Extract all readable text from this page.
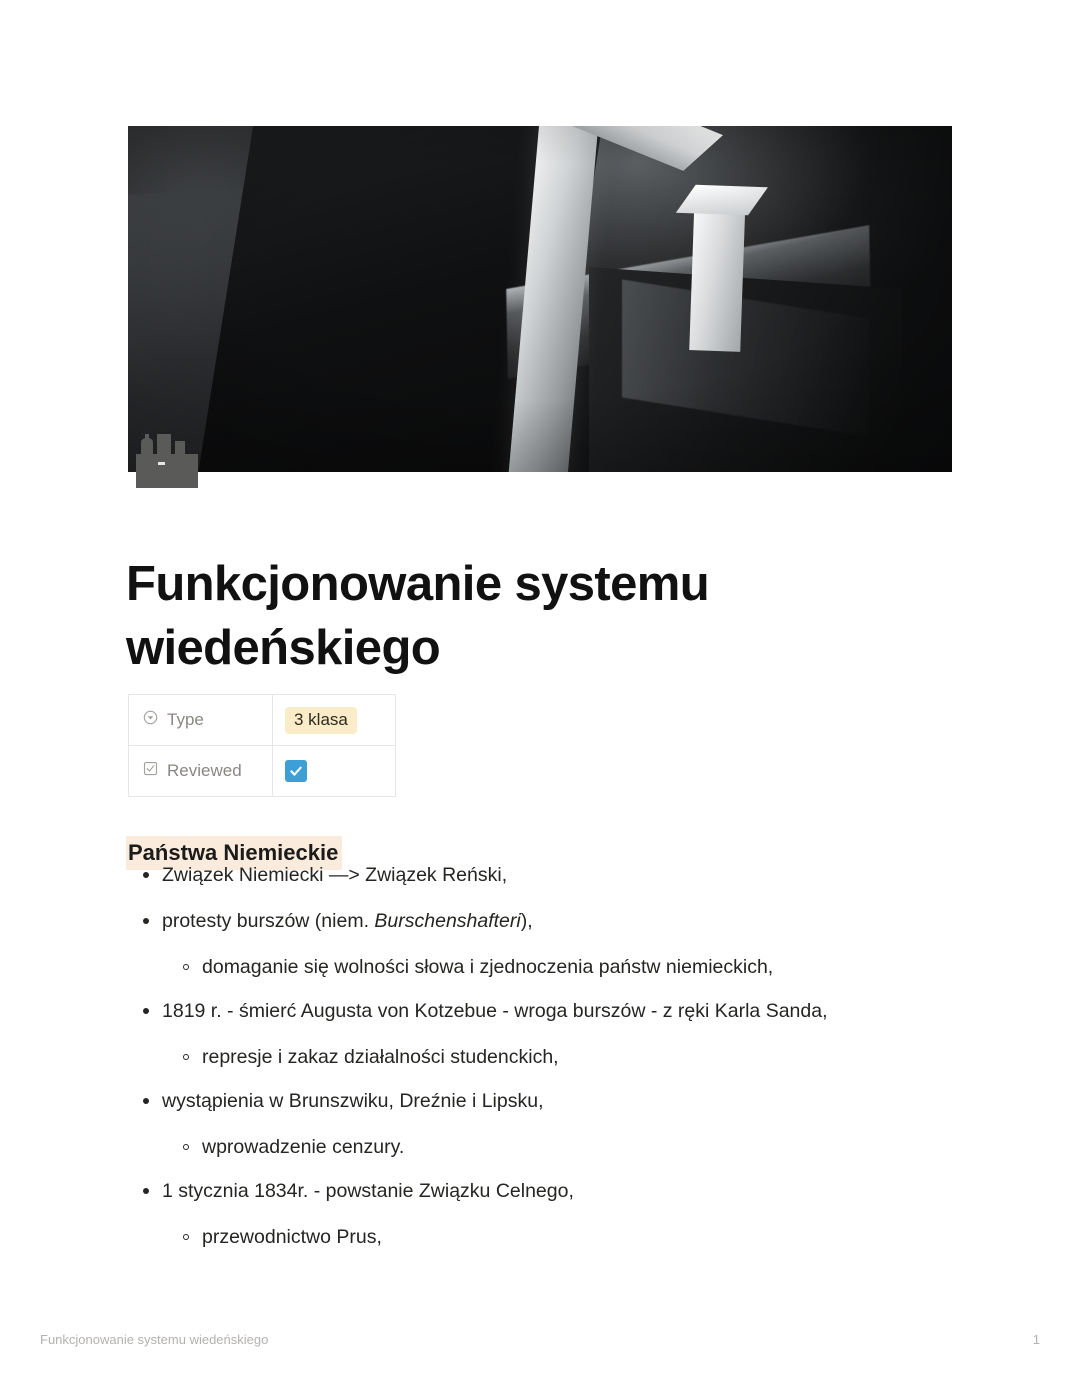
Funkcjonowanie systemu wiedeńskiego
Type	3 klasa
Reviewed
Państwa Niemieckie
Związek Niemiecki —> Związek Reński,
protesty burszów (niem. Burschenshafteri),
domaganie się wolności słowa i zjednoczenia państw niemieckich,
1819 r. - śmierć Augusta von Kotzebue - wroga burszów - z ręki Karla Sanda,
represje i zakaz działalności studenckich,
wystąpienia w Brunszwiku, Dreźnie i Lipsku,
wprowadzenie cenzury.
1 stycznia 1834r. - powstanie Związku Celnego,
przewodnictwo Prus,
Funkcjonowanie systemu wiedeńskiego	1
